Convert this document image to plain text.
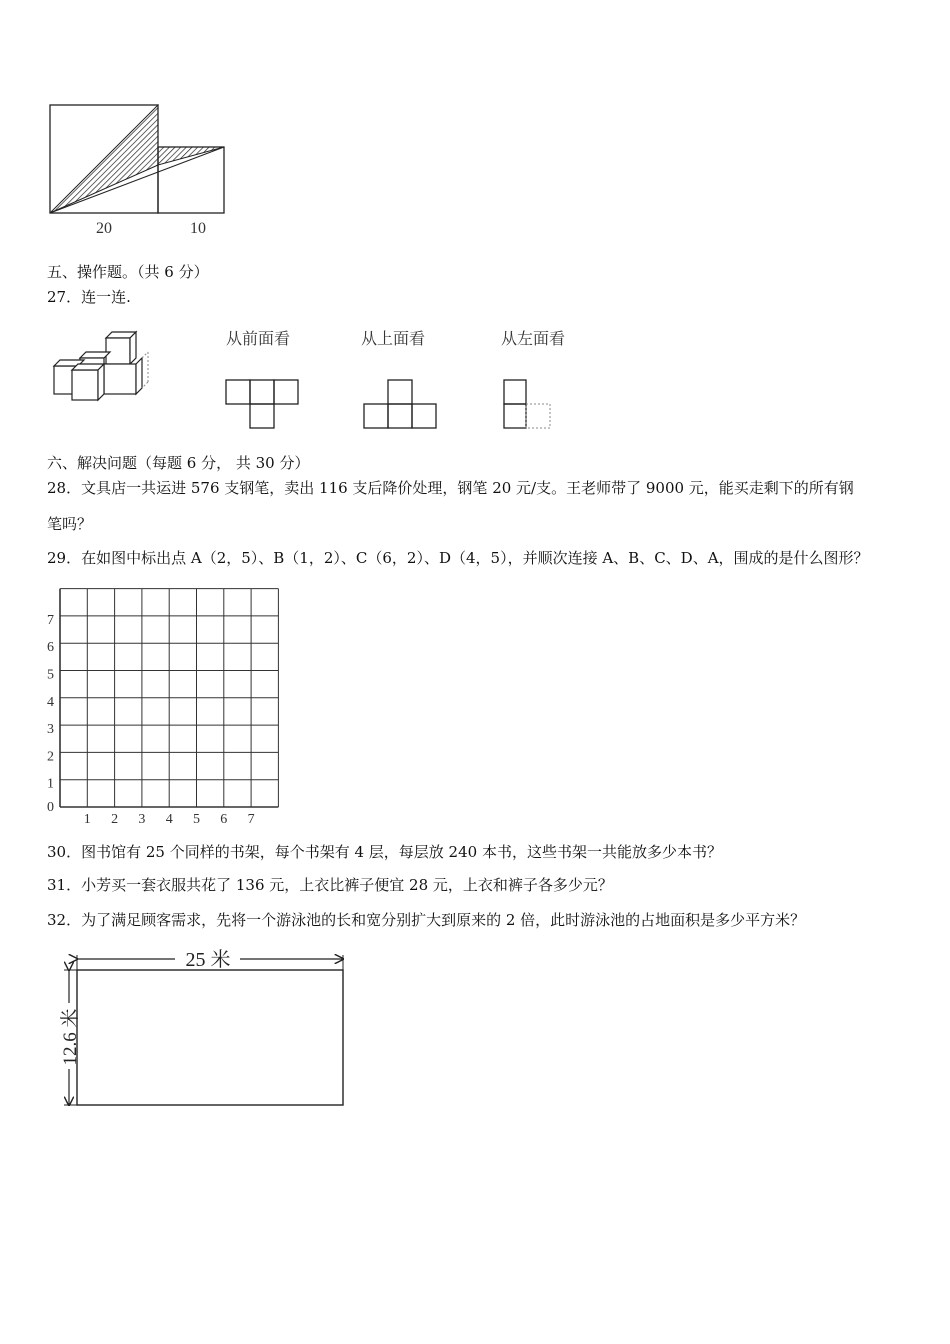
20	10
五、操作题。（共 6 分）
27．连一连.
从前面看	从上面看	从左面看
六、解决问题（每题 6 分， 共 30 分）
28．文具店一共运进 576 支钢笔，卖出 116 支后降价处理，钢笔 20 元/支。王老师带了 9000 元，能买走剩下的所有钢
笔吗？
29．在如图中标出点 A（2，5）、B（1，2）、C（6，2）、D（4，5），并顺次连接 A、B、C、D、A，围成的是什么图形？
1 2 3 4 5 6 7
0
1
2
3
4
5
6
7
30．图书馆有 25 个同样的书架，每个书架有 4 层，每层放 240 本书，这些书架一共能放多少本书？
31．小芳买一套衣服共花了 136 元，上衣比裤子便宜 28 元，上衣和裤子各多少元？
32．为了满足顾客需求，先将一个游泳池的长和宽分别扩大到原来的 2 倍，此时游泳池的占地面积是多少平方米？
25 米
12.6 米
